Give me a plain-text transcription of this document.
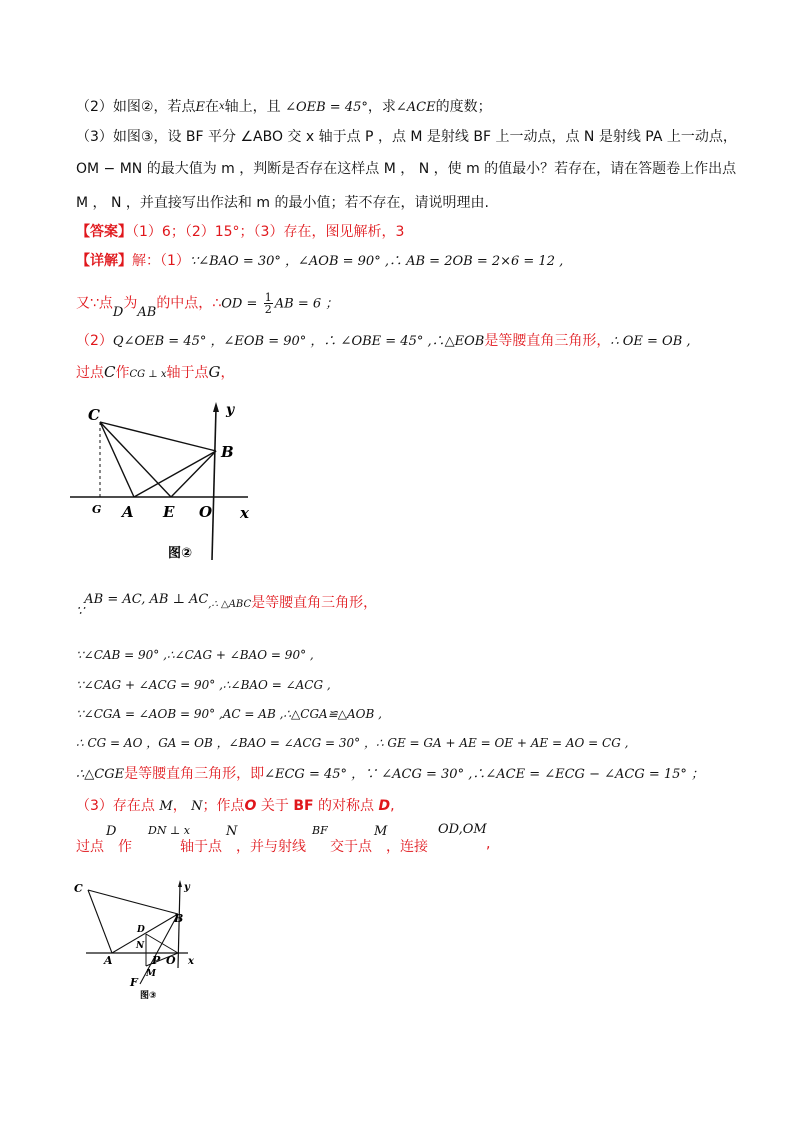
（2）如图②，若点E在$^x$轴上，且 ∠OEB = 45°，求∠ACE的度数；
（3）如图③，设 BF 平分 ∠ABO 交 x 轴于点 P ，点 M 是射线 BF 上一动点，点 N 是射线 PA 上一动点，
OM − MN 的最大值为 m ，判断是否存在这样点 M ， N ，使 m 的值最小？若存在，请在答题卷上作出点
M ， N ，并直接写出作法和 m 的最小值；若不存在，请说明理由.
【答案】（1）6；（2）15°；（3）存在，图见解析，3
【详解】解：（1）∵∠BAO = 30° ，∠AOB = 90° ,∴ AB = 2OB = 2×6 = 12 ,
又∵点D为AB的中点，∴OD = $\frac{1}{2}$ AB = 6 ；
（2）Q∠OEB = 45° ，∠EOB = 90° ，∴ ∠OBE = 45° ,∴△EOB是等腰直角三角形，∴ OE = OB ,
过点C作CG ⊥ x轴于点G，
C	y
B
x
G A E O
图②
∵AB = AC, AB ⊥ AC,∴ △ABC是等腰直角三角形，
∵∠CAB = 90° ,∴∠CAG + ∠BAO = 90° ,
∵∠CAG + ∠ACG = 90° ,∴∠BAO = ∠ACG ,
∵∠CGA = ∠AOB = 90° ,AC = AB ,∴△CGA≌△AOB ,
∴ CG = AO ，GA = OB ，∠BAO = ∠ACG = 30° ，∴ GE = GA + AE = OE + AE = AO = CG ,
∴△CGE是等腰直角三角形，即∠ECG = 45° ，∵ ∠ACG = 30° ,∴∠ACE = ∠ECG − ∠ACG = 15° ；
（3）存在点 M， N；作点O 关于 BF 的对称点 D,
过点
D
作
DN ⊥ x
轴于点
N
，并与射线
BF
交于点
M
，连接
OD,OM
,
C	y
B
D
N
A	P O x
M
F
图③
